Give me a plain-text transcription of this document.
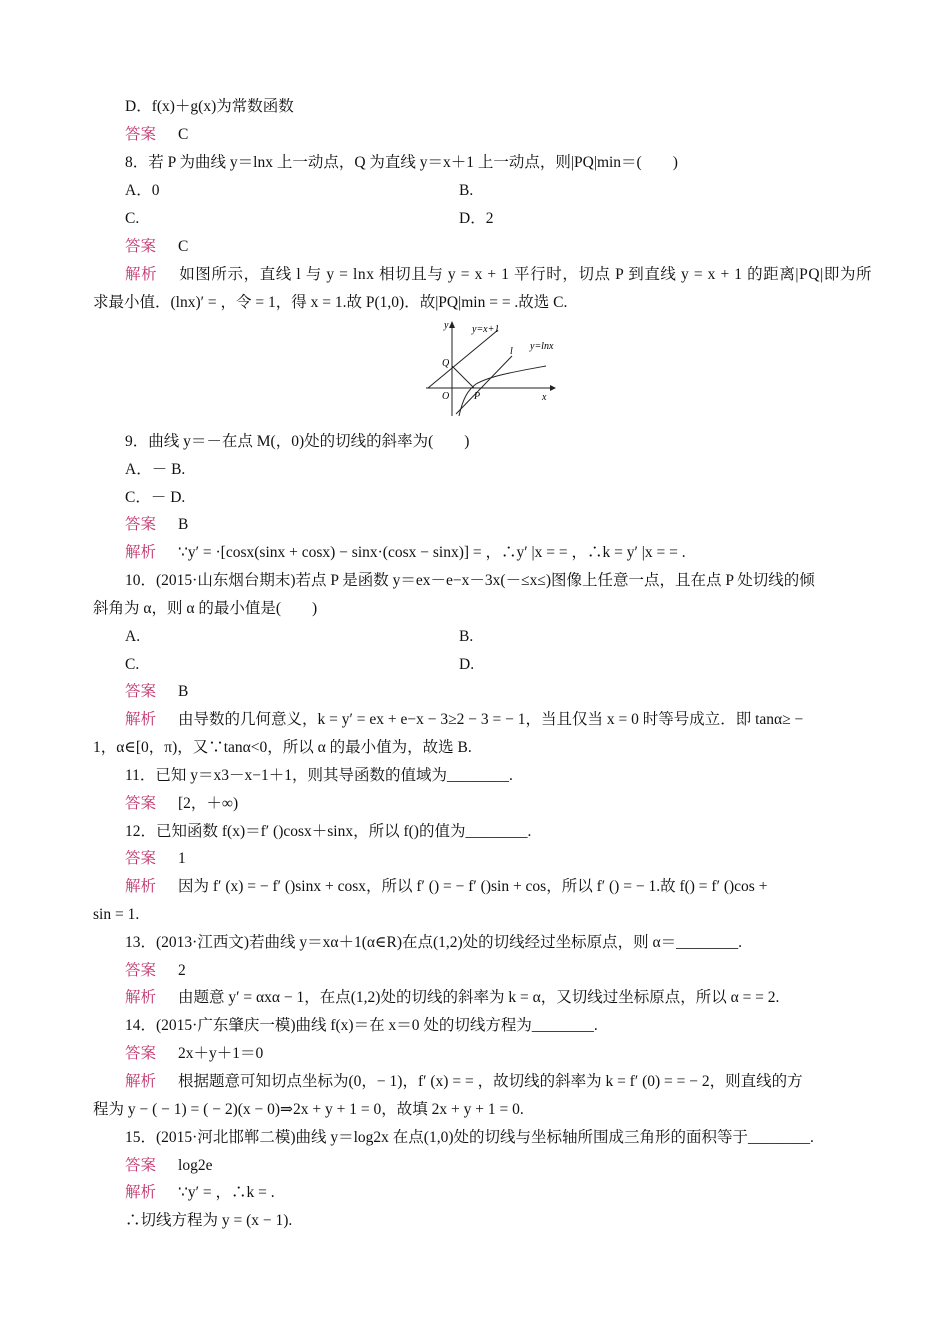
D．f(x)＋g(x)为常数函数
答案 C
8．若 P 为曲线 y＝lnx 上一动点，Q 为直线 y＝x＋1 上一动点，则|PQ|min＝(　　)
A．0	B.
C.	D．2
答案 C
解析 如图所示，直线 l 与 y = lnx 相切且与 y = x + 1 平行时，切点 P 到直线 y = x + 1 的距离|PQ|即为所
求最小值．(lnx)′ = ，令 = 1，得 x = 1.故 P(1,0)．故|PQ|min = = .故选 C.
y
x
O P
Q
y=x+1
l y=lnx
9．曲线 y＝－在点 M(，0)处的切线的斜率为(　　)
A．－ B.
C．－ D.
答案 B
解析 ∵y′ = ·[cosx(sinx + cosx) − sinx·(cosx − sinx)] = ，∴y′ |x = = ，∴k = y′ |x = = .
10．(2015·山东烟台期末)若点 P 是函数 y＝ex－e−x－3x(－≤x≤)图像上任意一点，且在点 P 处切线的倾
斜角为 α，则 α 的最小值是(　　)
A.	B.
C.	D.
答案 B
解析 由导数的几何意义，k = y′ = ex + e−x − 3≥2 − 3 = − 1，当且仅当 x = 0 时等号成立．即 tanα≥ −
1，α∈[0，π)，又∵tanα<0，所以 α 的最小值为，故选 B.
11．已知 y＝x3－x−1＋1，则其导函数的值域为________.
答案 [2，＋∞)
12．已知函数 f(x)＝f′ ()cosx＋sinx，所以 f()的值为________.
答案 1
解析 因为 f′ (x) = − f′ ()sinx + cosx，所以 f′ () = − f′ ()sin + cos，所以 f′ () = − 1.故 f() = f′ ()cos +
sin = 1.
13．(2013·江西文)若曲线 y＝xα＋1(α∈R)在点(1,2)处的切线经过坐标原点，则 α＝________.
答案 2
解析 由题意 y′ = αxα − 1，在点(1,2)处的切线的斜率为 k = α，又切线过坐标原点，所以 α = = 2.
14．(2015·广东肇庆一模)曲线 f(x)＝在 x＝0 处的切线方程为________.
答案 2x＋y＋1＝0
解析 根据题意可知切点坐标为(0，− 1)，f′ (x) = = ，故切线的斜率为 k = f′ (0) = = − 2，则直线的方
程为 y − ( − 1) = ( − 2)(x − 0)⇒2x + y + 1 = 0，故填 2x + y + 1 = 0.
15．(2015·河北邯郸二模)曲线 y＝log2x 在点(1,0)处的切线与坐标轴所围成三角形的面积等于________.
答案 log2e
解析 ∵y′ = ，∴k = .
∴切线方程为 y = (x − 1).
